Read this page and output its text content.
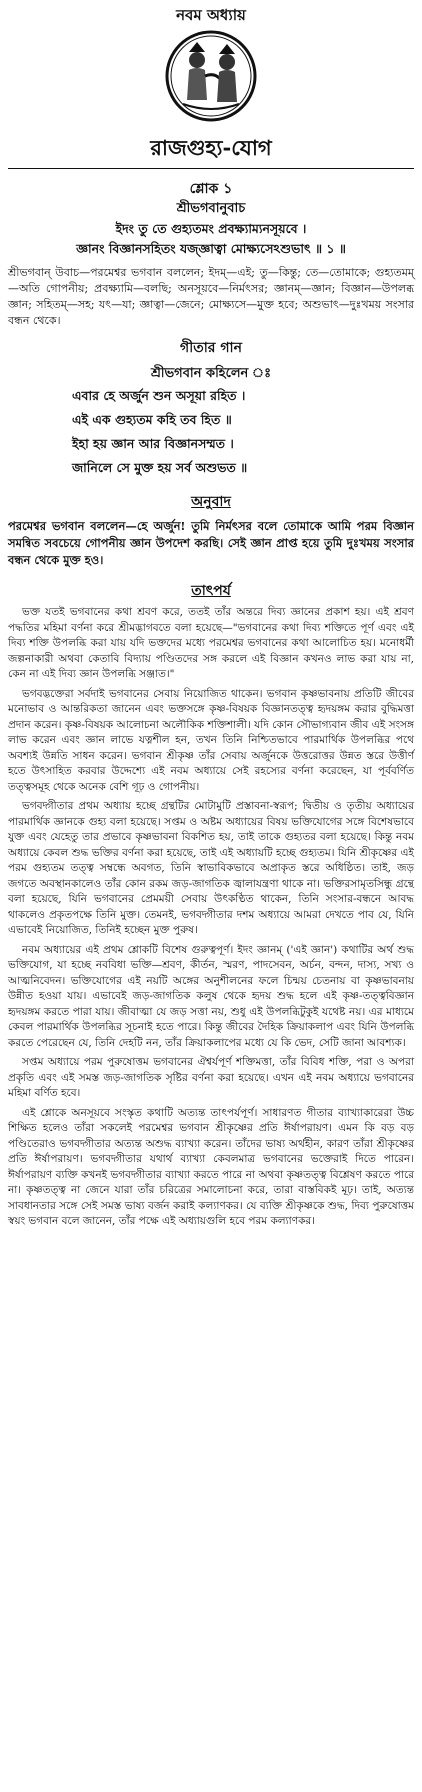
নবম অধ্যায়
রাজগুহ্য-যোগ
শ্লোক ১
শ্রীভগবানুবাচ
ইদং তু তে গুহ্যতমং প্রবক্ষ্যাম্যনসূয়বে ।
জ্ঞানং বিজ্ঞানসহিতং যজ্জ্ঞাত্বা মোক্ষ্যসেঽশুভাৎ ॥ ১ ॥

শ্রীভগবান্ উবাচ—পরমেশ্বর ভগবান বললেন; ইদম্—এই; তু—কিন্তু; তে—তোমাকে; গুহ্যতমম্—অতি গোপনীয়; প্রবক্ষ্যামি—বলছি; অনসূয়বে—নির্মৎসর; জ্ঞানম্—জ্ঞান; বিজ্ঞান—উপলব্ধ জ্ঞান; সহিতম্—সহ; যৎ—যা; জ্ঞাত্বা—জেনে; মোক্ষ্যসে—মুক্ত হবে; অশুভাৎ—দুঃখময় সংসার বন্ধন থেকে।

গীতার গান
শ্রীভগবান কহিলেন ঃ
এবার হে অর্জুন শুন অসূয়া রহিত ।
এই এক গুহ্যতম কহি তব হিত ॥
ইহা হয় জ্ঞান আর বিজ্ঞানসম্মত ।
জানিলে সে মুক্ত হয় সর্ব অশুভত ॥
অনুবাদ

পরমেশ্বর ভগবান বললেন—হে অর্জুন! তুমি নির্মৎসর বলে তোমাকে আমি পরম বিজ্ঞান সমন্বিত সবচেয়ে গোপনীয় জ্ঞান উপদেশ করছি। সেই জ্ঞান প্রাপ্ত হয়ে তুমি দুঃখময় সংসার বন্ধন থেকে মুক্ত হও।

তাৎপর্য

ভক্ত যতই ভগবানের কথা শ্রবণ করে, ততই তাঁর অন্তরে দিব্য জ্ঞানের প্রকাশ হয়। এই শ্রবণ পদ্ধতির মহিমা বর্ণনা করে শ্রীমদ্ভাগবতে বলা হয়েছে—"ভগবানের কথা দিব্য শক্তিতে পূর্ণ এবং এই দিব্য শক্তি উপলব্ধি করা যায় যদি ভক্তদের মধ্যে পরমেশ্বর ভগবানের কথা আলোচিত হয়। মনোধর্মী জল্পনাকারী অথবা কেতাবি বিদ্যায় পণ্ডিতদের সঙ্গ করলে এই বিজ্ঞান কখনও লাভ করা যায় না, কেন না এই দিব্য জ্ঞান উপলব্ধি সঞ্জাত।"

ভগবদ্ভক্তেরা সর্বদাই ভগবানের সেবায় নিয়োজিত থাকেন। ভগবান কৃষ্ণভাবনায় প্রতিটি জীবের মনোভাব ও আন্তরিকতা জানেন এবং ভক্তসঙ্গে কৃষ্ণ-বিষয়ক বিজ্ঞানতত্ত্ব হৃদয়ঙ্গম করার বুদ্ধিমত্তা প্রদান করেন। কৃষ্ণ-বিষয়ক আলোচনা অলৌকিক শক্তিশালী। যদি কোন সৌভাগ্যবান জীব এই সংসঙ্গ লাভ করেন এবং জ্ঞান লাভে যত্নশীল হন, তখন তিনি নিশ্চিতভাবে পারমার্থিক উপলব্ধির পথে অবশ্যই উন্নতি সাধন করেন। ভগবান শ্রীকৃষ্ণ তাঁর সেবায় অর্জুনকে উত্তরোত্তর উন্নত স্তরে উত্তীর্ণ হতে উৎসাহিত করবার উদ্দেশ্যে এই নবম অধ্যায়ে সেই রহস্যের বর্ণনা করেছেন, যা পূর্ববর্ণিত তত্ত্বসমূহ থেকে অনেক বেশি গূঢ় ও গোপনীয়।

ভগবদ্গীতার প্রথম অধ্যায় হচ্ছে গ্রন্থটির মোটামুটি প্রস্তাবনা-স্বরূপ; দ্বিতীয় ও তৃতীয় অধ্যায়ের পারমার্থিক জ্ঞানকে গুহ্য বলা হয়েছে। সপ্তম ও অষ্টম অধ্যায়ের বিষয় ভক্তিযোগের সঙ্গে বিশেষভাবে যুক্ত এবং যেহেতু তার প্রভাবে কৃষ্ণভাবনা বিকশিত হয়, তাই তাকে গুহ্যতর বলা হয়েছে। কিন্তু নবম অধ্যায়ে কেবল শুদ্ধ ভক্তির বর্ণনা করা হয়েছে, তাই এই অধ্যায়টি হচ্ছে গুহ্যতম। যিনি শ্রীকৃষ্ণের এই পরম গুহ্যতম তত্ত্ব সম্বন্ধে অবগত, তিনি স্বাভাবিকভাবে অপ্রাকৃত স্তরে অধিষ্ঠিত। তাই, জড় জগতে অবস্থানকালেও তাঁর কোন রকম জড়-জাগতিক জ্বালাযন্ত্রণা থাকে না। ভক্তিরসামৃতসিন্ধু গ্রন্থে বলা হয়েছে, যিনি ভগবানের প্রেমময়ী সেবায় উৎকণ্ঠিত থাকেন, তিনি সংসার-বন্ধনে আবদ্ধ থাকলেও প্রকৃতপক্ষে তিনি মুক্ত। তেমনই, ভগবদ্গীতার দশম অধ্যায়ে আমরা দেখতে পাব যে, যিনি এভাবেই নিয়োজিত, তিনিই হচ্ছেন মুক্ত পুরুষ।

নবম অধ্যায়ের এই প্রথম শ্লোকটি বিশেষ গুরুত্বপূর্ণ। ইদং জ্ঞানম্ ('এই জ্ঞান') কথাটির অর্থ শুদ্ধ ভক্তিযোগ, যা হচ্ছে নববিধা ভক্তি—শ্রবণ, কীর্তন, স্মরণ, পাদসেবন, অর্চন, বন্দন, দাস্য, সখ্য ও আত্মনিবেদন। ভক্তিযোগের এই নয়টি অঙ্গের অনুশীলনের ফলে চিন্ময় চেতনায় বা কৃষ্ণভাবনায় উন্নীত হওয়া যায়। এভাবেই জড়-জাগতিক কলুষ থেকে হৃদয় শুদ্ধ হলে এই কৃষ্ণ-তত্ত্ববিজ্ঞান হৃদয়ঙ্গম করতে পারা যায়। জীবাত্মা যে জড় সত্তা নয়, শুধু এই উপলব্ধিটুকুই যথেষ্ট নয়। এর মাধ্যমে কেবল পারমার্থিক উপলব্ধির সূচনাই হতে পারে। কিন্তু জীবের দৈহিক ক্রিয়াকলাপ এবং যিনি উপলব্ধি করতে পেরেছেন যে, তিনি দেহটি নন, তাঁর ক্রিয়াকলাপের মধ্যে যে কি ভেদ, সেটি জানা আবশ্যক।

সপ্তম অধ্যায়ে পরম পুরুষোত্তম ভগবানের ঐশ্বর্যপূর্ণ শক্তিমত্তা, তাঁর বিবিধ শক্তি, পরা ও অপরা প্রকৃতি এবং এই সমস্ত জড়-জাগতিক সৃষ্টির বর্ণনা করা হয়েছে। এখন এই নবম অধ্যায়ে ভগবানের মহিমা বর্ণিত হবে।

এই শ্লোকে অনসূয়বে সংস্কৃত কথাটি অত্যন্ত তাৎপর্যপূর্ণ। সাধারণত গীতার ব্যাখ্যাকারেরা উচ্চ শিক্ষিত হলেও তাঁরা সকলেই পরমেশ্বর ভগবান শ্রীকৃষ্ণের প্রতি ঈর্ষাপরায়ণ। এমন কি বড় বড় পণ্ডিতেরাও ভগবদ্গীতার অত্যন্ত অশুদ্ধ ব্যাখ্যা করেন। তাঁদের ভাষ্য অর্থহীন, কারণ তাঁরা শ্রীকৃষ্ণের প্রতি ঈর্ষাপরায়ণ। ভগবদ্গীতার যথার্থ ব্যাখ্যা কেবলমাত্র ভগবানের ভক্তেরাই দিতে পারেন। ঈর্ষাপরায়ণ ব্যক্তি কখনই ভগবদ্গীতার ব্যাখ্যা করতে পারে না অথবা কৃষ্ণতত্ত্ব বিশ্লেষণ করতে পারে না। কৃষ্ণতত্ত্ব না জেনে যারা তাঁর চরিত্রের সমালোচনা করে, তারা বাস্তবিকই মূঢ়। তাই, অত্যন্ত সাবধানতার সঙ্গে সেই সমস্ত ভাষ্য বর্জন করাই কল্যাণকর। যে ব্যক্তি শ্রীকৃষ্ণকে শুদ্ধ, দিব্য পুরুষোত্তম স্বয়ং ভগবান বলে জানেন, তাঁর পক্ষে এই অধ্যায়গুলি হবে পরম কল্যাণকর।
